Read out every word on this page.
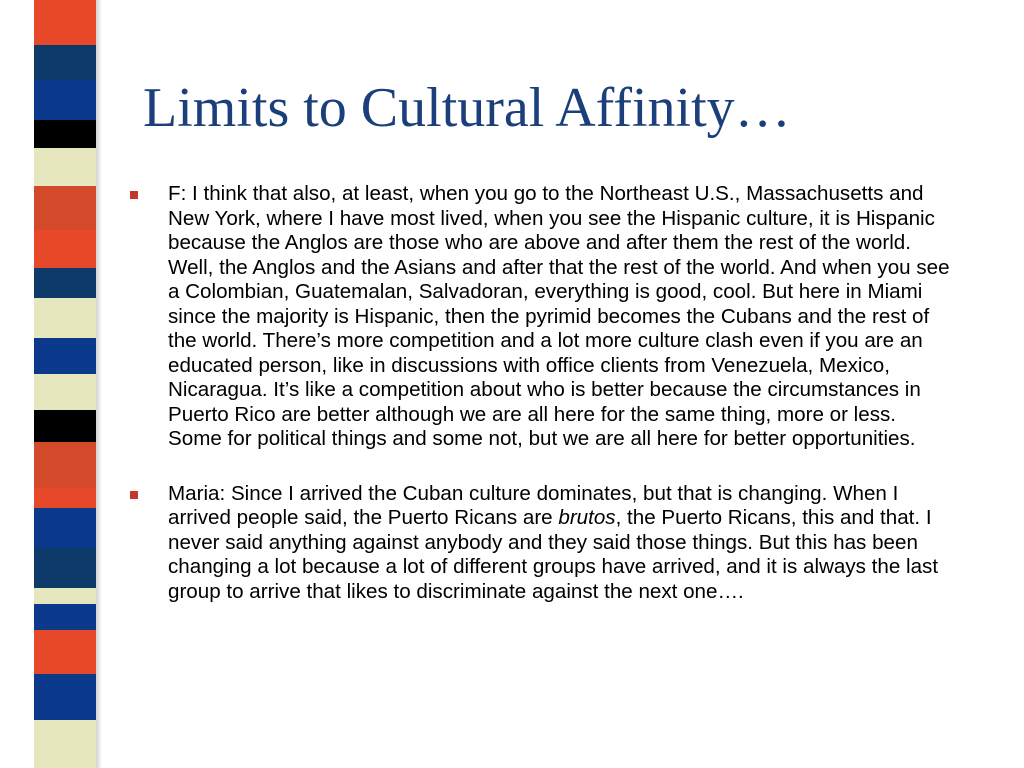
Limits to Cultural Affinity…
F: I think that also, at least, when you go to the Northeast U.S., Massachusetts and New York, where I have most lived, when you see the Hispanic culture, it is Hispanic because the Anglos are those who are above and after them the rest of the world. Well, the Anglos and the Asians and after that the rest of the world. And when you see a Colombian, Guatemalan, Salvadoran, everything is good, cool. But here in Miami since the majority is Hispanic, then the pyrimid becomes the Cubans and the rest of the world. There’s more competition and a lot more culture clash even if you are an educated person, like in discussions with office clients from Venezuela, Mexico, Nicaragua. It’s like a competition about who is better because the circumstances in Puerto Rico are better although we are all here for the same thing, more or less. Some for political things and some not, but we are all here for better opportunities.
Maria: Since I arrived the Cuban culture dominates, but that is changing. When I arrived people said, the Puerto Ricans are brutos, the Puerto Ricans, this and that. I never said anything against anybody and they said those things. But this has been changing a lot because a lot of different groups have arrived, and it is always the last group to arrive that likes to discriminate against the next one….
